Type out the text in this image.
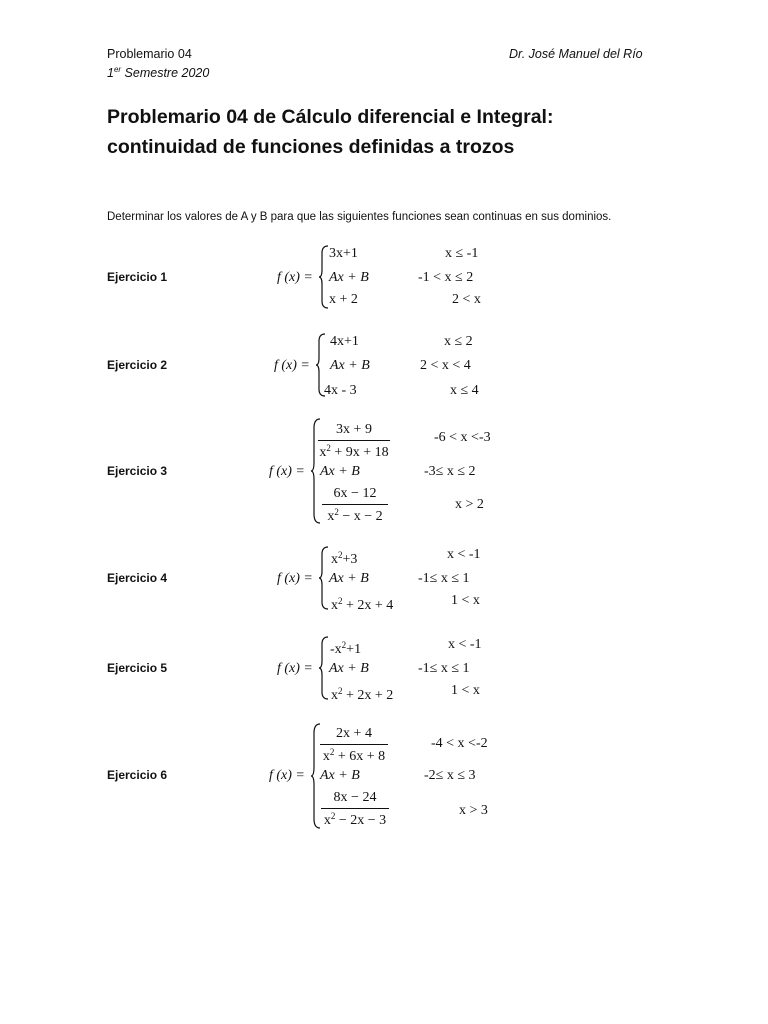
Problemario 04
1er Semestre 2020
Dr. José Manuel del Río
Problemario 04 de Cálculo diferencial e Integral:
continuidad de funciones definidas a trozos
Determinar los valores de A y B para que las siguientes funciones sean continuas en sus dominios.
Ejercicio 1	f (x) =
3x+1	x ≤ -1
Ax + B	-1 < x ≤ 2
x + 2	2 < x
Ejercicio 2	f (x) =
4x+1	x ≤ 2
Ax + B	2 < x < 4
4x - 3	x ≤ 4
Ejercicio 3	f (x) =
$\frac{3x + 9}{x^2 + 9x + 18}$	-6 < x <-3
Ax + B	-3≤ x ≤ 2
$\frac{6x - 12}{x^2 - x - 2}$	x > 2
Ejercicio 4	f (x) =
$x^2+3$	x < -1
Ax + B	-1≤ x ≤ 1
$x^2 + 2x + 4$	1 < x
Ejercicio 5	f (x) =
$-x^2+1$	x < -1
Ax + B	-1≤ x ≤ 1
$x^2 + 2x + 2$	1 < x
Ejercicio 6	f (x) =
$\frac{2x + 4}{x^2 + 6x + 8}$	-4 < x <-2
Ax + B	-2≤ x ≤ 3
$\frac{8x - 24}{x^2 - 2x - 3}$	x > 3
